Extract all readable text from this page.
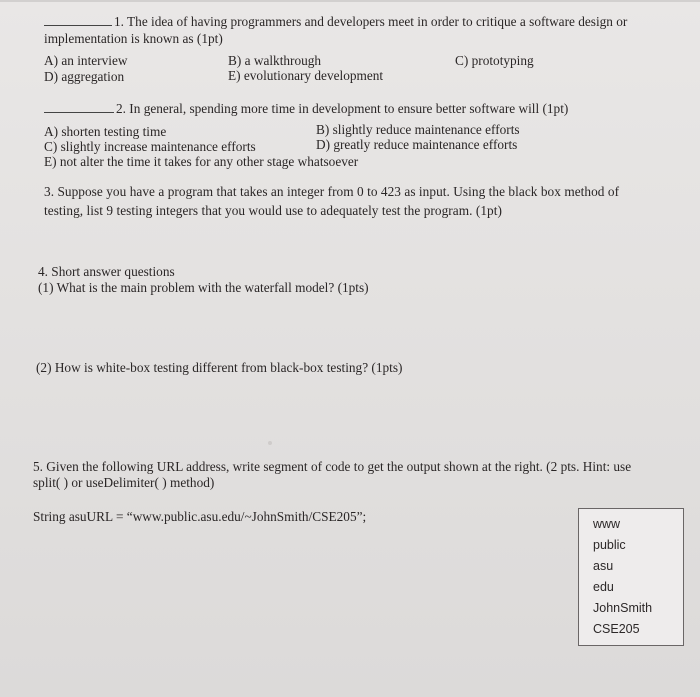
1. The idea of having programmers and developers meet in order to critique a software design or
implementation is known as (1pt)
A) an interview	B) a walkthrough	C) prototyping
D) aggregation	E) evolutionary development
2. In general, spending more time in development to ensure better software will (1pt)
A) shorten testing time	B) slightly reduce maintenance efforts
C) slightly increase maintenance efforts	D) greatly reduce maintenance efforts
E) not alter the time it takes for any other stage whatsoever
3. Suppose you have a program that takes an integer from 0 to 423 as input. Using the black box method of
testing, list 9 testing integers that you would use to adequately test the program. (1pt)
4. Short answer questions
(1) What is the main problem with the waterfall model? (1pts)
(2) How is white-box testing different from black-box testing? (1pts)
5. Given the following URL address, write segment of code to get the output shown at the right. (2 pts. Hint: use
split( ) or useDelimiter( ) method)
String asuURL = “www.public.asu.edu/~JohnSmith/CSE205”;	www
public
asu
edu
JohnSmith
CSE205
